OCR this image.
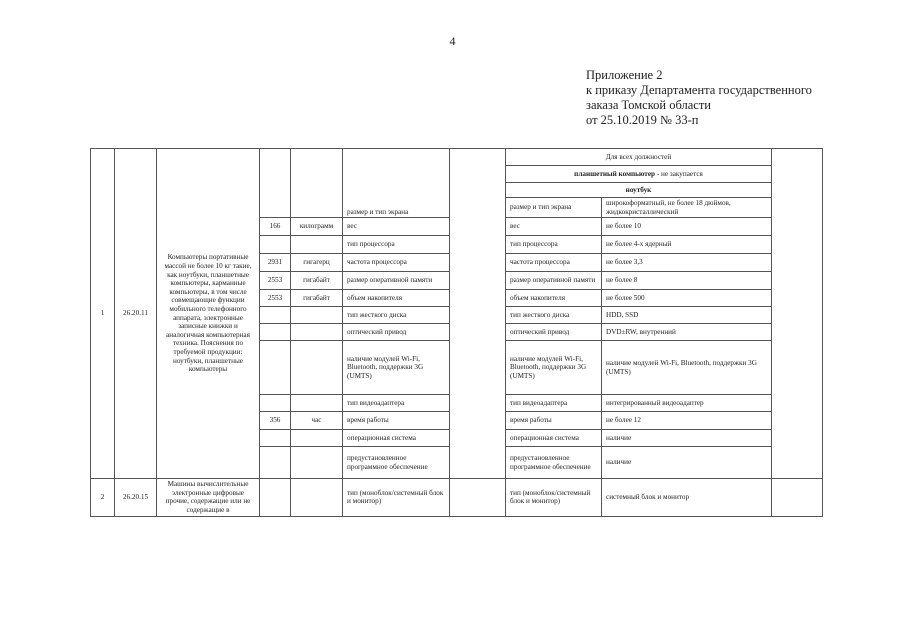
4
Приложение 2
к приказу Департамента государственного
заказа Томской области
от 25.10.2019 № 33-п
1	26.20.11	Компьютеры портативные массой не более 10 кг такие, как ноутбуки, планшетные компьютеры, карманные компьютеры, в том числе совмещающие функции мобильного телефонного аппарата, электронные записные книжки и аналогичная компьютерная техника. Пояснения по требуемой продукции: ноутбуки, планшетные компьютеры			размер и тип экрана		Для всех должностей			
							планшетный компьютер - не закупается			
							ноутбук			
							размер и тип экрана	широкоформатный, не более 18 дюймов, жидкокристаллический		
			166	килограмм	вес		вес	не более 10		
					тип процессора		тип процессора	не более 4-х ядерный		
			2931	гигагерц	частота процессора		частота процессора	не более 3,3		
			2553	гигабайт	размер оперативной памяти		размер оперативной памяти	не более 8		
			2553	гигабайт	объем накопителя		объем накопителя	не более 500		
					тип жесткого диска		тип жесткого диска	HDD, SSD		
					оптический привод		оптический привод	DVD±RW, внутренний		
					наличие модулей Wi-Fi, Bluetooth, поддержки 3G (UMTS)		наличие модулей Wi-Fi, Bluetooth, поддержки 3G (UMTS)	наличие модулей Wi-Fi, Bluetooth, поддержки 3G (UMTS)		
					тип видеоадаптера		тип видеоадаптера	интегрированный видеоадаптер		
			356	час	время работы		время работы	не более 12		
					операционная система		операционная система	наличие		
					предустановленное программное обеспечение		предустановленное программное обеспечение	наличие		
2	26.20.15	Машины вычислительные электронные цифровые прочие, содержащие или не содержащие в			тип (моноблок/системный блок и монитор)		тип (моноблок/системный блок и монитор)	системный блок и монитор		
